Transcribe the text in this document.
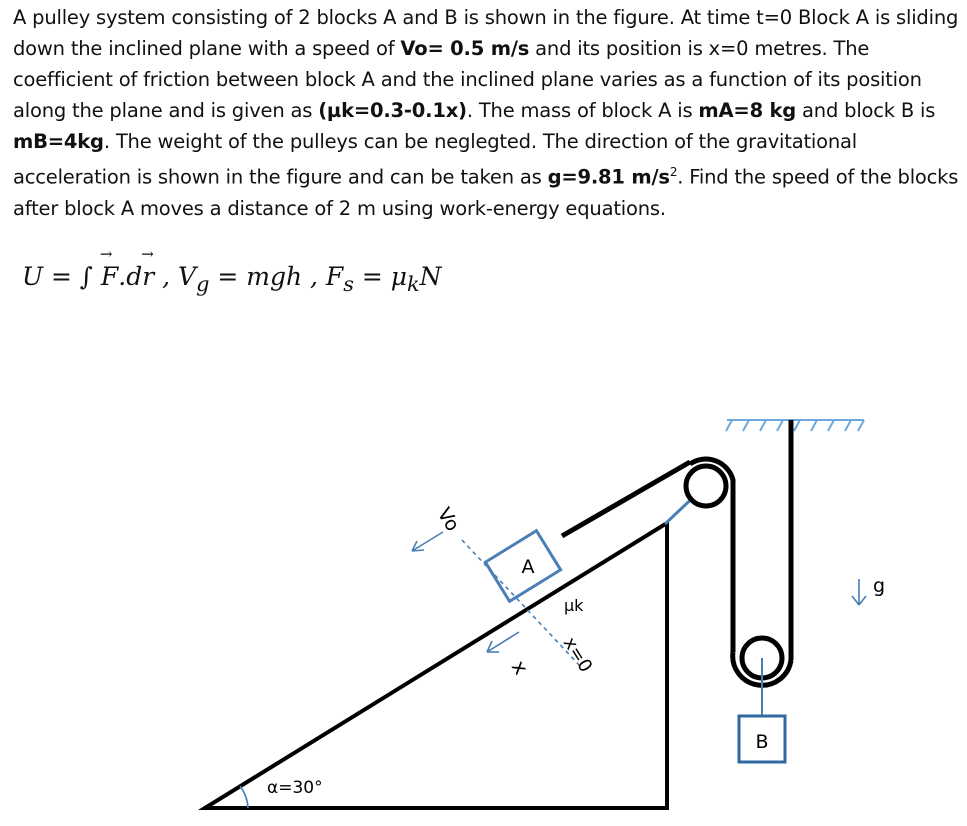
A pulley system consisting of 2 blocks A and B is shown in the figure. At time t=0 Block A is sliding down the inclined plane with a speed of Vo= 0.5 m/s and its position is x=0 metres. The coefficient of friction between block A and the inclined plane varies as a function of its position along the plane and is given as (µk=0.3-0.1x). The mass of block A is mA=8 kg and block B is mB=4kg. The weight of the pulleys can be neglegted. The direction of the gravitational acceleration is shown in the figure and can be taken as g=9.81 $m/s^2$. Find the speed of the blocks after block A moves a distance of 2 m using work-energy equations.
U = ∫ → F.d→ r , $V_g$ = mgh , $F_s = \mu_kN$
B
A
Vo
x x=0
μk
g
α=30°
